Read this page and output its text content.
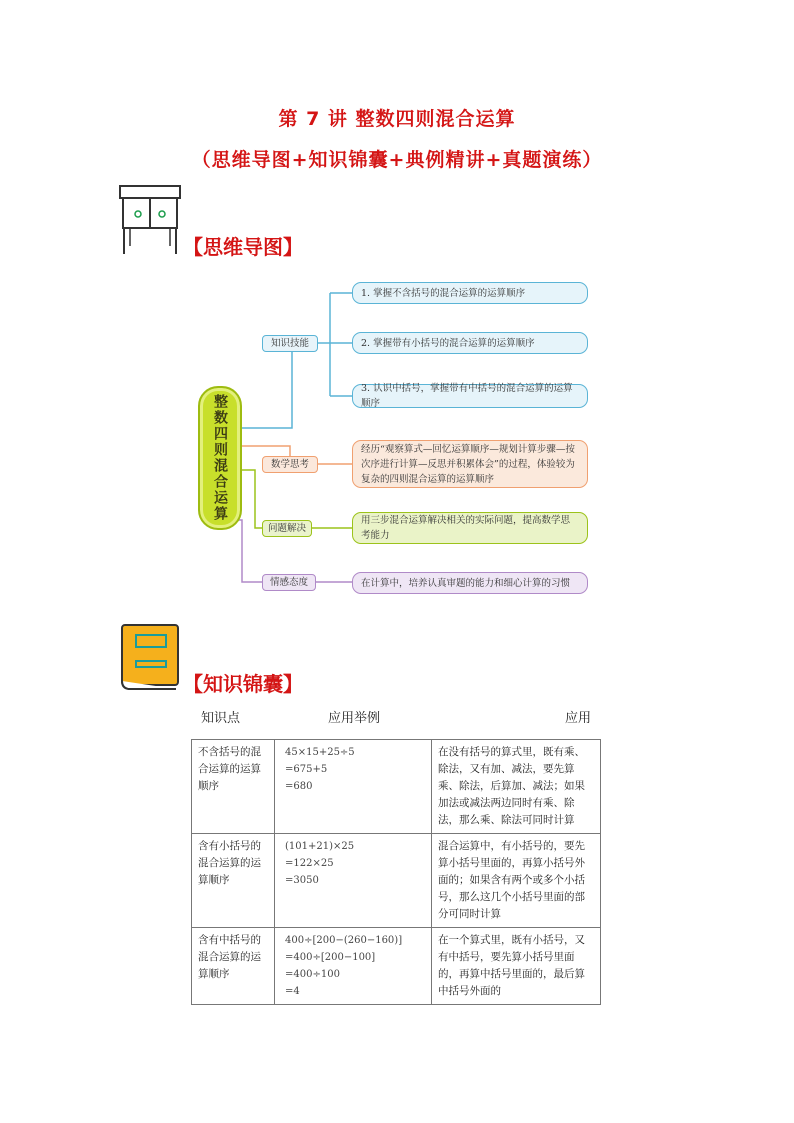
第 7 讲 整数四则混合运算
（思维导图+知识锦囊+典例精讲+真题演练）
【思维导图】
整数四则混合运算
知识技能
数学思考
问题解决
情感态度
1. 掌握不含括号的混合运算的运算顺序
2. 掌握带有小括号的混合运算的运算顺序
3. 认识中括号，掌握带有中括号的混合运算的运算顺序
经历“观察算式—回忆运算顺序—规划计算步骤—按次序进行计算—反思并积累体会”的过程，体验较为复杂的四则混合运算的运算顺序
用三步混合运算解决相关的实际问题，提高数学思考能力
在计算中，培养认真审题的能力和细心计算的习惯
【知识锦囊】
知识点	应用举例	应用
不含括号的混合运算的运算顺序	45×15+25÷5
=675+5
=680	在没有括号的算式里，既有乘、除法，又有加、减法，要先算乘、除法，后算加、减法；如果加法或减法两边同时有乘、除法，那么乘、除法可同时计算
含有小括号的混合运算的运算顺序	(101+21)×25
=122×25
=3050	混合运算中，有小括号的，要先算小括号里面的，再算小括号外面的；如果含有两个或多个小括号，那么这几个小括号里面的部分可同时计算
含有中括号的混合运算的运算顺序	400÷[200−(260−160)]
=400÷[200−100]
=400÷100
=4	在一个算式里，既有小括号，又有中括号，要先算小括号里面的，再算中括号里面的，最后算中括号外面的
